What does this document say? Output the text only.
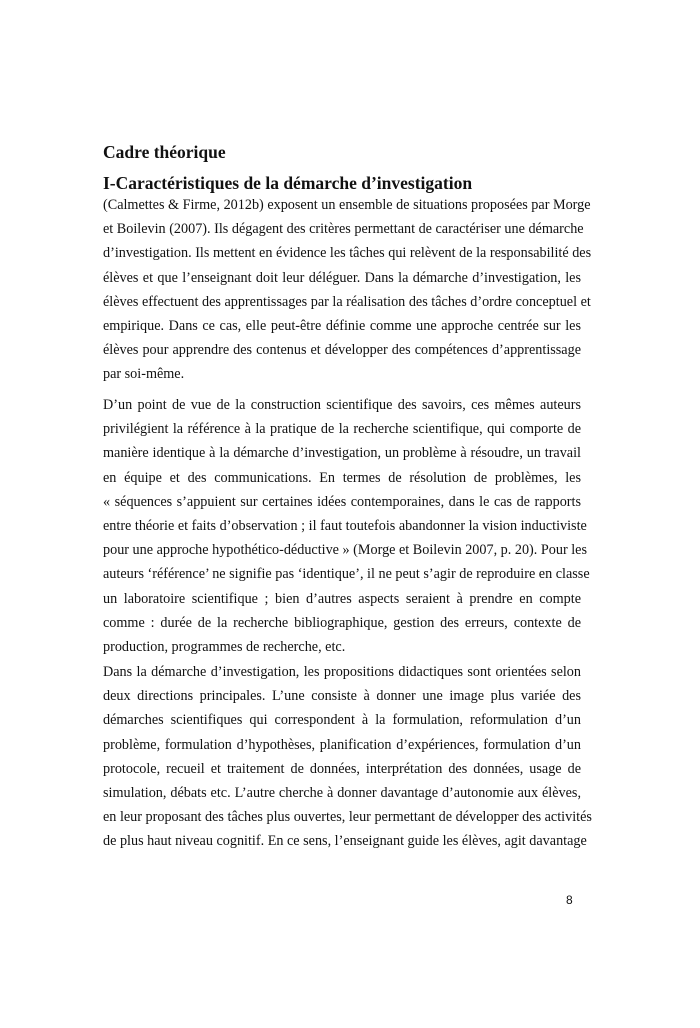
Cadre théorique
I-Caractéristiques de la démarche d’investigation
(Calmettes & Firme, 2012b) exposent un ensemble de situations proposées par Morge
et Boilevin (2007). Ils dégagent des critères permettant de caractériser une démarche
d’investigation. Ils mettent en évidence les tâches qui relèvent de la responsabilité des
élèves et que l’enseignant doit leur déléguer. Dans la démarche d’investigation, les
élèves effectuent des apprentissages par la réalisation des tâches d’ordre conceptuel et
empirique. Dans ce cas, elle peut-être définie comme une approche centrée sur les
élèves pour apprendre des contenus et développer des compétences d’apprentissage
par soi-même.
D’un point de vue de la construction scientifique des savoirs, ces mêmes auteurs
privilégient la référence à la pratique de la recherche scientifique, qui comporte de
manière identique à la démarche d’investigation, un problème à résoudre, un travail
en équipe et des communications. En termes de résolution de problèmes, les
« séquences s’appuient sur certaines idées contemporaines, dans le cas de rapports
entre théorie et faits d’observation ; il faut toutefois abandonner la vision inductiviste
pour une approche hypothético-déductive » (Morge et Boilevin 2007, p. 20). Pour les
auteurs ‘référence’ ne signifie pas ‘identique’, il ne peut s’agir de reproduire en classe
un laboratoire scientifique ; bien d’autres aspects seraient à prendre en compte
comme : durée de la recherche bibliographique, gestion des erreurs, contexte de
production, programmes de recherche, etc.
Dans la démarche d’investigation, les propositions didactiques sont orientées selon
deux directions principales. L’une consiste à donner une image plus variée des
démarches scientifiques qui correspondent à la formulation, reformulation d’un
problème, formulation d’hypothèses, planification d’expériences, formulation d’un
protocole, recueil et traitement de données, interprétation des données, usage de
simulation, débats etc. L’autre cherche à donner davantage d’autonomie aux élèves,
en leur proposant des tâches plus ouvertes, leur permettant de développer des activités
de plus haut niveau cognitif. En ce sens, l’enseignant guide les élèves, agit davantage

8
